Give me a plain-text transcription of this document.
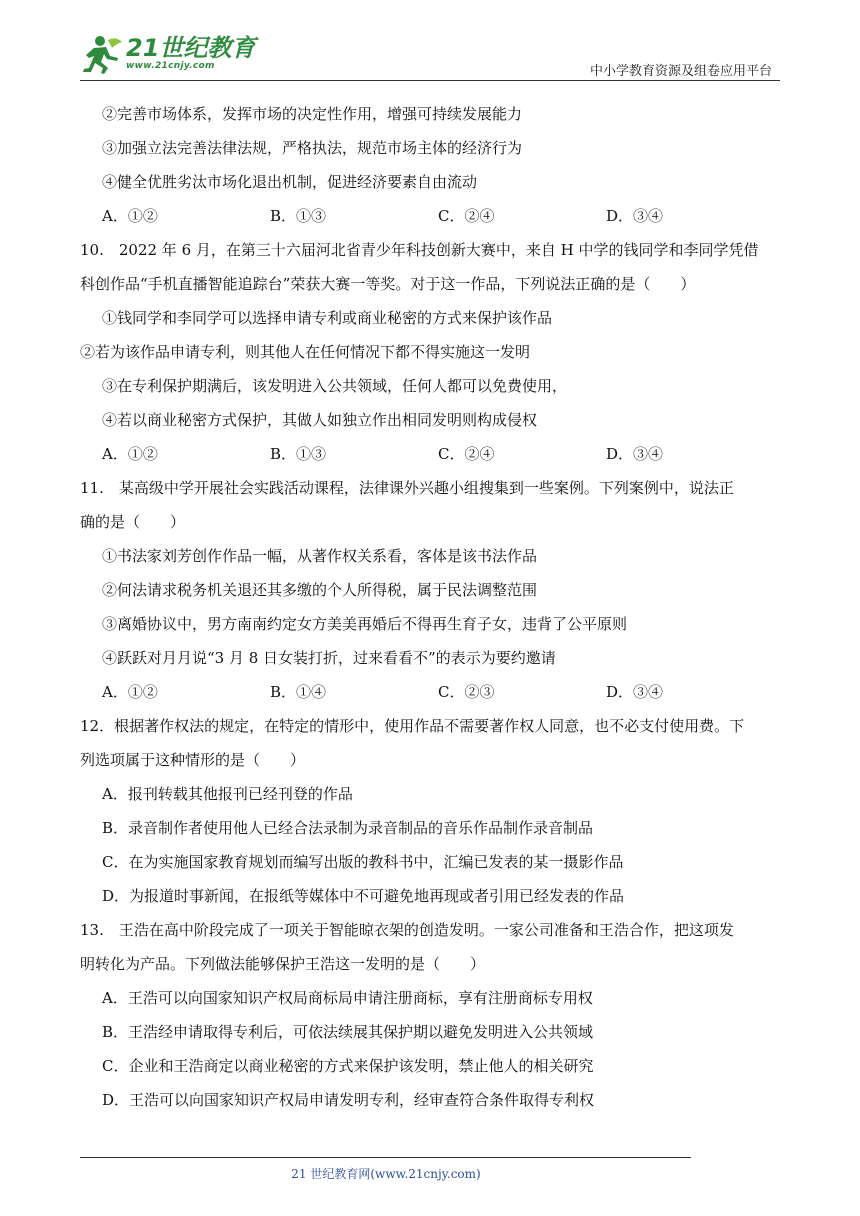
21世纪教育
www.21cnjy.com	中小学教育资源及组卷应用平台
②完善市场体系，发挥市场的决定性作用，增强可持续发展能力
③加强立法完善法律法规，严格执法，规范市场主体的经济行为
④健全优胜劣汰市场化退出机制，促进经济要素自由流动
A．①②	B．①③	C．②④	D．③④
10.　2022 年 6 月，在第三十六届河北省青少年科技创新大赛中，来自 H 中学的钱同学和李同学凭借
科创作品“手机直播智能追踪台”荣获大赛一等奖。对于这一作品，下列说法正确的是（　　）
①钱同学和李同学可以选择申请专利或商业秘密的方式来保护该作品
②若为该作品申请专利，则其他人在任何情况下都不得实施这一发明
③在专利保护期满后，该发明进入公共领域，任何人都可以免费使用，
④若以商业秘密方式保护，其做人如独立作出相同发明则构成侵权
A．①②	B．①③	C．②④	D．③④
11.　某高级中学开展社会实践活动课程，法律课外兴趣小组搜集到一些案例。下列案例中，说法正
确的是（　　）
①书法家刘芳创作作品一幅，从著作权关系看，客体是该书法作品
②何法请求税务机关退还其多缴的个人所得税，属于民法调整范围
③离婚协议中，男方南南约定女方美美再婚后不得再生育子女，违背了公平原则
④跃跃对月月说“3 月 8 日女装打折，过来看看不”的表示为要约邀请
A．①②	B．①④	C．②③	D．③④
12．根据著作权法的规定，在特定的情形中，使用作品不需要著作权人同意，也不必支付使用费。下
列选项属于这种情形的是（　　）
A．报刊转载其他报刊已经刊登的作品
B．录音制作者使用他人已经合法录制为录音制品的音乐作品制作录音制品
C．在为实施国家教育规划而编写出版的教科书中，汇编已发表的某一摄影作品
D．为报道时事新闻，在报纸等媒体中不可避免地再现或者引用已经发表的作品
13.　王浩在高中阶段完成了一项关于智能晾衣架的创造发明。一家公司准备和王浩合作，把这项发
明转化为产品。下列做法能够保护王浩这一发明的是（　　）
A．王浩可以向国家知识产权局商标局申请注册商标，享有注册商标专用权
B．王浩经申请取得专利后，可依法续展其保护期以避免发明进入公共领域
C．企业和王浩商定以商业秘密的方式来保护该发明，禁止他人的相关研究
D．王浩可以向国家知识产权局申请发明专利，经审查符合条件取得专利权
21 世纪教育网(www.21cnjy.com)
